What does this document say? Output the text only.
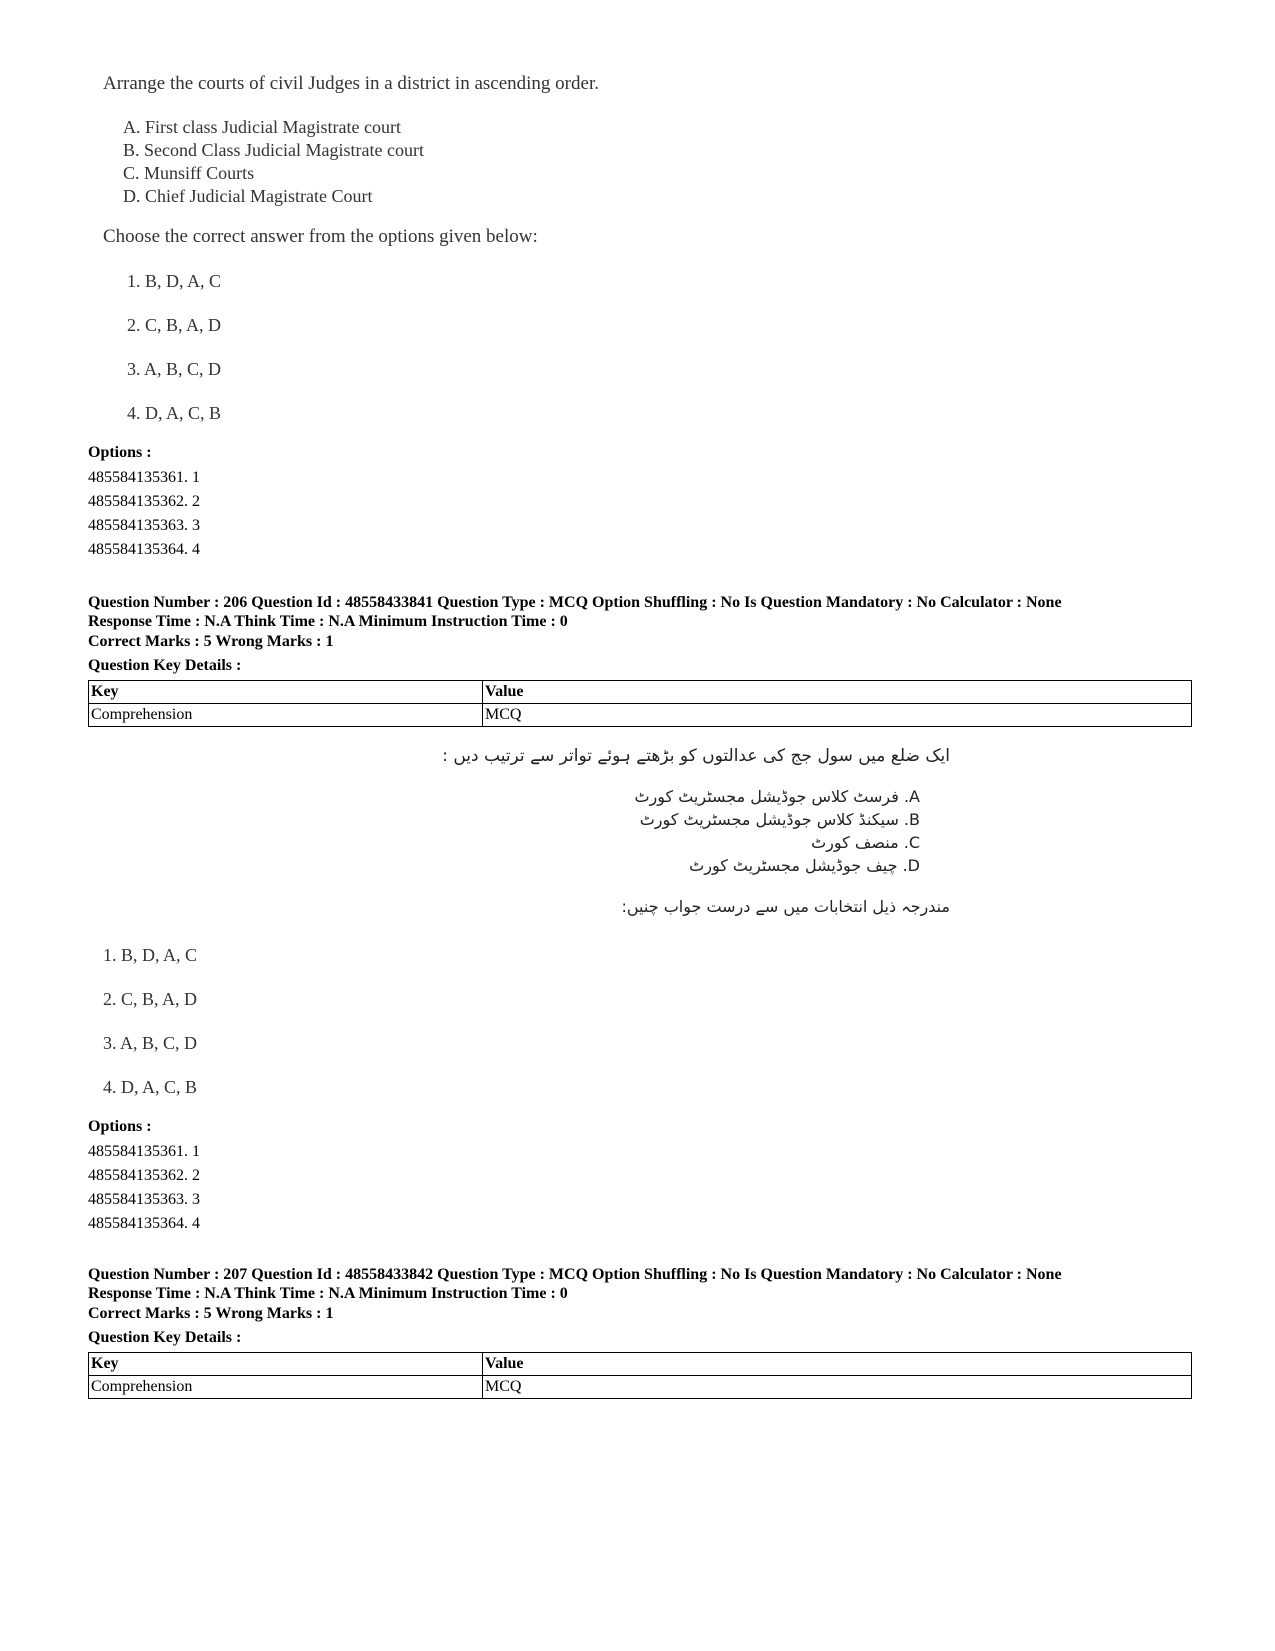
Arrange the courts of civil Judges in a district in ascending order.
A. First class Judicial Magistrate court
B. Second Class Judicial Magistrate court
C. Munsiff Courts
D. Chief Judicial Magistrate Court
Choose the correct answer from the options given below:
1. B, D, A, C
2. C, B, A, D
3. A, B, C, D
4. D, A, C, B
Options :
485584135361. 1
485584135362. 2
485584135363. 3
485584135364. 4
Question Number : 206 Question Id : 48558433841 Question Type : MCQ Option Shuffling : No Is Question Mandatory : No Calculator : None
Response Time : N.A Think Time : N.A Minimum Instruction Time : 0
Correct Marks : 5 Wrong Marks : 1
Question Key Details :
Key	Value
Comprehension	MCQ
ایک ضلع میں سول جج کی عدالتوں کو بڑھتے ہوئے تواتر سے ترتیب دیں :
A. فرسٹ کلاس جوڈیشل مجسٹریٹ کورٹ
B. سیکنڈ کلاس جوڈیشل مجسٹریٹ کورٹ
C. منصف کورٹ
D. چیف جوڈیشل مجسٹریٹ کورٹ
مندرجہ ذیل انتخابات میں سے درست جواب چنیں:
1. B, D, A, C
2. C, B, A, D
3. A, B, C, D
4. D, A, C, B
Options :
485584135361. 1
485584135362. 2
485584135363. 3
485584135364. 4
Question Number : 207 Question Id : 48558433842 Question Type : MCQ Option Shuffling : No Is Question Mandatory : No Calculator : None
Response Time : N.A Think Time : N.A Minimum Instruction Time : 0
Correct Marks : 5 Wrong Marks : 1
Question Key Details :
Key	Value
Comprehension	MCQ
